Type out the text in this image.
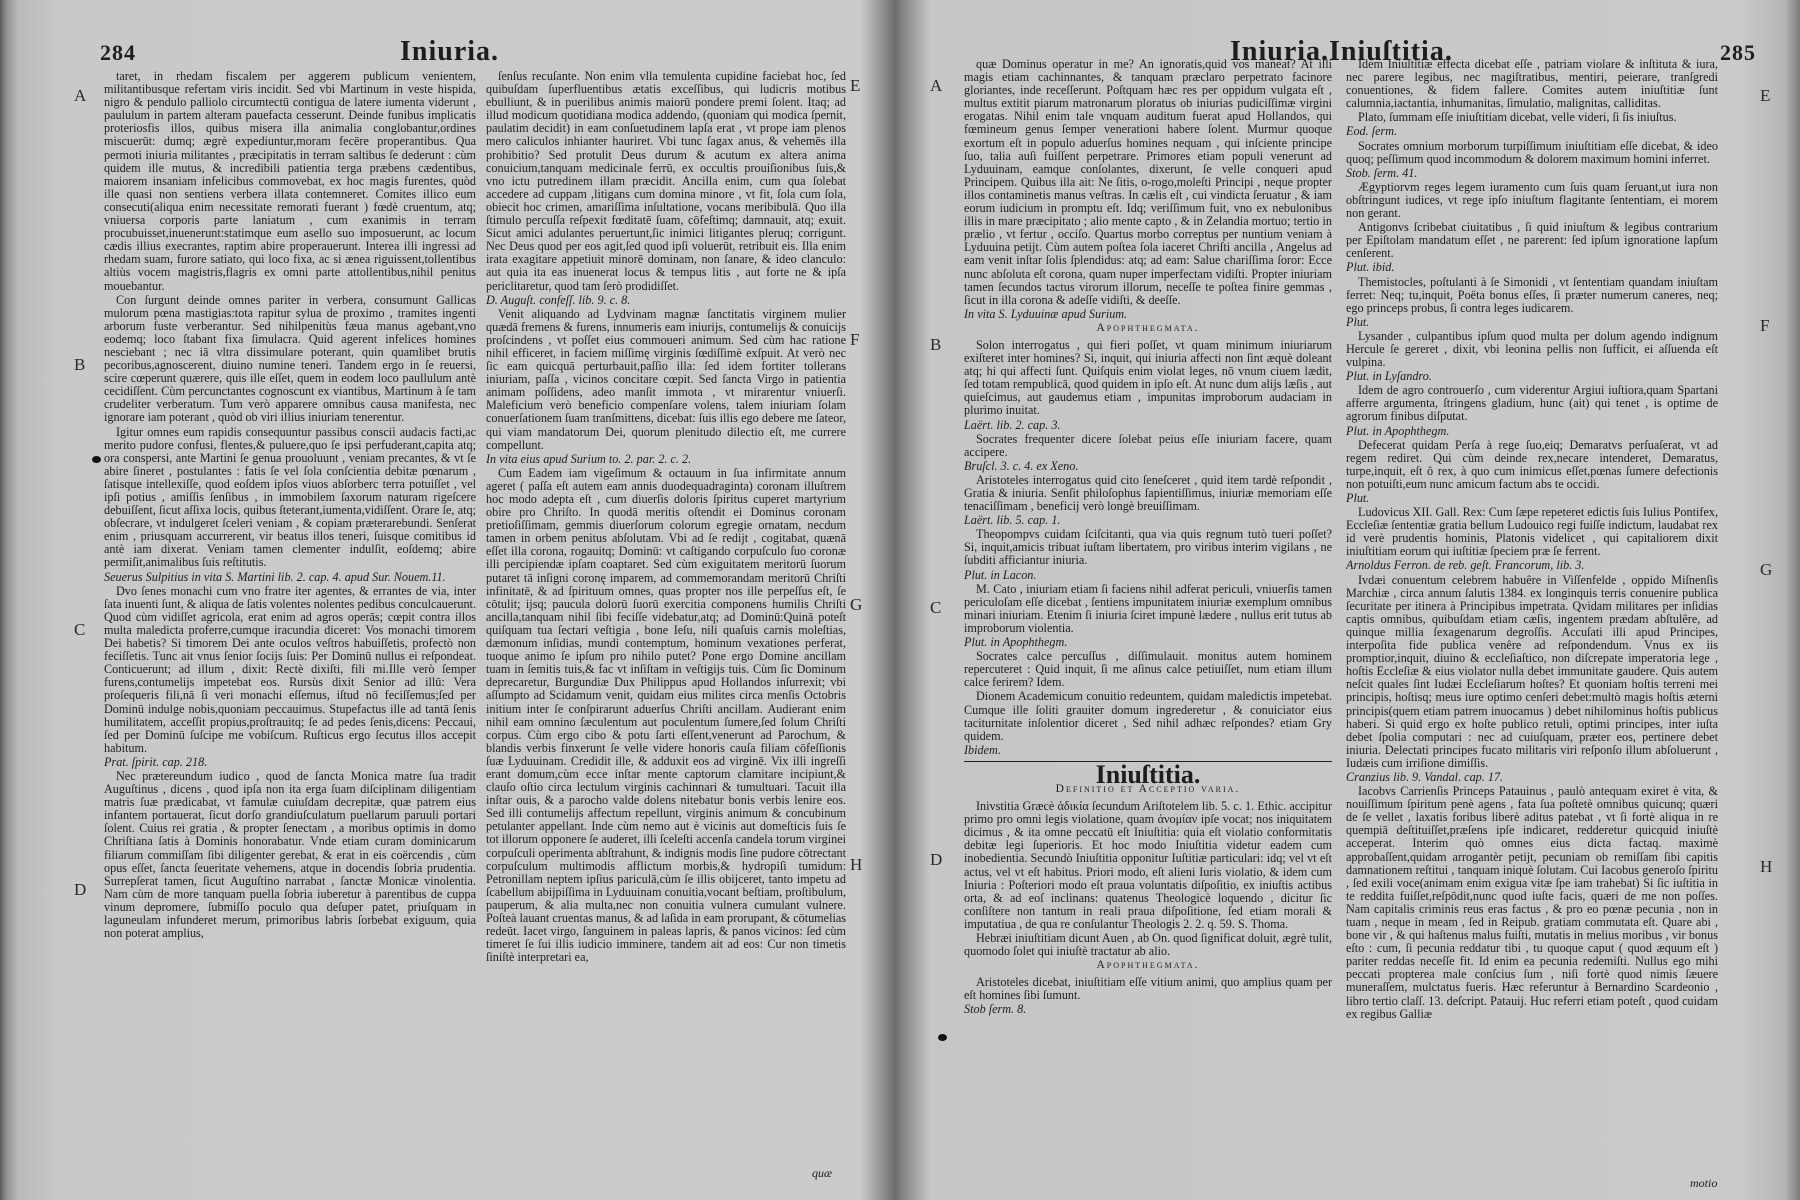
284	Iniuria.
A
B
C
D
E
F
G
H

taret, in rhedam fiscalem per aggerem publicum venientem, militantibusque refertam viris incidit. Sed vbi Martinum in veste hispida, nigro & pendulo palliolo circumtectū contigua de latere iumenta viderunt , paululum in partem alteram pauefacta cesserunt. Deinde funibus implicatis proteriosfis illos, quibus misera illa animalia conglobantur,ordines miscuerūt: dumq; ægrè expediuntur,moram fecēre properantibus. Qua permoti iniuria militantes , præcipitatis in terram saltibus ſe dederunt : cùm quidem ille mutus, & incredibili patientia terga præbens cædentibus, maiorem insaniam infelicibus commovebat, ex hoc magis furentes, quòd ille quasi non sentiens verbera illata contemneret. Comites illico eum consecuti(aliqua enim necessitate remorati fuerant ) fœdè cruentum, atq; vniuersa corporis parte laniatum , cum exanimis in terram procubuisset,inuenerunt:statimque eum asello suo imposuerunt, ac locum cædis illius execrantes, raptim abire properauerunt. Interea illi ingressi ad rhedam suam, furore satiato, qui loco fixa, ac si ænea riguissent,tollentibus altiùs vocem magistris,flagris ex omni parte attollentibus,nihil penitus mouebantur.

Con ſurgunt deinde omnes pariter in verbera, consumunt Gallicas mulorum pœna mastigias:tota rapitur sylua de proximo , tramites ingenti arborum fuste verberantur. Sed nihilpenitùs fæua manus agebant,vno eodemq; loco ſtabant fixa ſimulacra. Quid agerent infelices homines nesciebant ; nec iā vltra dissimulare poterant, quin quamlibet brutis pecoribus,agnoscerent, diuino numine teneri. Tandem ergo in ſe reuersi, scire cœperunt quærere, quis ille eſſet, quem in eodem loco paullulum antè cecidiſſent. Cùm percunctantes cognoscunt ex viantibus, Martinum à ſe tam crudeliter verberatum. Tum verò apparere omnibus causa manifesta, nec ignorare iam poterant , quòd ob viri illius iniuriam tenerentur.

Igitur omnes eum rapidis consequuntur passibus consciì audacis facti,ac merito pudore confusi, flentes,& puluere,quo ſe ipsi perfuderant,capita atq; ora conspersi, ante Martini ſe genua prouoluunt , veniam precantes, & vt ſe abire ſineret , postulantes : fatis ſe vel ſola conſcientia debitæ pœnarum , ſatisque intellexiſſe, quod eoſdem ipſos viuos abſorberc terra potuiſſet , vel ipſi potius , amiſſis ſenſibus , in immobilem ſaxorum naturam rigeſcere debuiſſent, ſicut aſſixa locis, quibus ſteterant,iumenta,vidiſſent. Orare ſe, atq; obſecrare, vt indulgeret ſceleri veniam , & copiam præterarebundi. Senſerat enim , priusquam accurrerent, vir beatus illos teneri, ſuisque comitibus id antè iam dixerat. Veniam tamen clementer indulſit, eoſdemq; abire permiſit,animalibus ſuis reſtitutis.

Seuerus Sulpitius in vita S. Martini lib. 2. cap. 4. apud Sur. Nouem.11.

Dvo ſenes monachi cum vno fratre iter agentes, & errantes de via, inter ſata inuenti ſunt, & aliqua de ſatis volentes nolentes pedibus conculcauerunt. Quod cùm vidiſſet agricola, erat enim ad agros operās; cœpit contra illos multa maledicta proferre,cumque iracundia diceret: Vos monachi timorem Dei habetis? Si timorem Dei ante oculos veſtros habuiſſetis, profectò non feciſſetis. Tunc ait vnus ſenior ſocijs ſuis: Per Dominū nullus ei reſpondeat. Conticuerunt; ad illum , dixit: Rectè dixiſti, fili mi.Ille verò ſemper furens,contumelijs impetebat eos. Rursùs dixit Senior ad illū: Vera proſequeris fili,nā ſi veri monachi eſſemus, iſtud nō feciſſemus;ſed per Dominū indulge nobis,quoniam peccauimus. Stupefactus ille ad tantā ſenis humilitatem, acceſſit propius,proſtrauitq; ſe ad pedes ſenis,dicens: Peccaui, ſed per Dominū ſuſcipe me vobiſcum. Ruſticus ergo ſecutus illos accepit habitum.

Prat. ſpirit. cap. 218.

Nec prætereundum iudico , quod de ſancta Monica matre ſua tradit Auguſtinus , dicens , quod ipſa non ita erga ſuam diſciplinam diligentiam matris ſuæ prædicabat, vt famulæ cuiuſdam decrepitæ, quæ patrem eius infantem portauerat, ſicut dorſo grandiuſculatum puellarum paruuli portari ſolent. Cuius rei gratia , & propter ſenectam , a moribus optimis in domo Chriſtiana ſatis à Dominis honorabatur. Vnde etiam curam dominicarum filiarum commiſſam ſibi diligenter gerebat, & erat in eis coërcendis , cùm opus eſſet, ſancta ſeueritate vehemens, atque in docendis ſobria prudentia. Surrepſerat tamen, ſicut Auguſtino narrabat , ſanctæ Monicæ vinolentia. Nam cùm de more tanquam puella ſobria iuberetur à parentibus de cuppa vinum depromere, ſubmiſſo poculo qua deſuper patet, priuſquam in laguneulam infunderet merum, primoribus labris ſorbebat exiguum, quia non poterat amplius,

ſenſus recuſante. Non enim vlla temulenta cupidine faciebat hoc, ſed quibuſdam ſuperfluentibus ætatis exceſſibus, qui ludicris motibus ebulliunt, & in puerilibus animis maiorū pondere premi ſolent. Itaq; ad illud modicum quotidiana modica addendo, (quoniam qui modica ſpernit, paulatim decidit) in eam conſuetudinem lapſa erat , vt prope iam plenos mero caliculos inhianter hauriret. Vbi tunc ſagax anus, & vehemēs illa prohibitio? Sed protulit Deus durum & acutum ex altera anima conuicium,tanquam medicinale ferrū, ex occultis prouiſionibus ſuis,& vno ictu putredinem illam præcidit. Ancilla enim, cum qua ſolebat accedere ad cuppam ,litigans cum domina minore , vt fit, ſola cum ſola, obiecit hoc crimen, amariſſima inſultatione, vocans meribibulā. Quo illa ſtimulo percuſſa reſpexit fœditatē ſuam, cōfeſtimq; damnauit, atq; exuit. Sicut amici adulantes peruertunt,ſic inimici litigantes pleruq; corrigunt. Nec Deus quod per eos agit,ſed quod ipſi voluerūt, retribuit eis. Illa enim irata exagitare appetiuit minorē dominam, non ſanare, & ideo clanculo: aut quia ita eas inuenerat locus & tempus litis , aut forte ne & ipſa periclitaretur, quod tam ſerò prodidiſſet.

D. Auguſt. confeſſ. lib. 9. c. 8.

Venit aliquando ad Lydvinam magnæ ſanctitatis virginem mulier quædā fremens & furens, innumeris eam iniurijs, contumelijs & conuicijs proſcindens , vt poſſet eius commoueri animum. Sed cùm hac ratione nihil efficeret, in faciem miſſimę virginis ſœdiſſimè exſpuit. At verò nec ſic eam quicquā perturbauit,paſſio illa: ſed idem fortiter tollerans iniuriam, paſſa , vicinos concitare cœpit. Sed ſancta Virgo in patientia animam poſſidens, adeo manſit immota , vt mirarentur vniuerſi. Maleficium verò beneficio compenſare volens, talem iniuriam ſolam conuerſationem ſuam tranſmittens, dicebat: ſuis illis ego debere me ſateor, qui viam mandatorum Dei, quorum plenitudo dilectio eſt, me currere compellunt.

In vita eius apud Surium to. 2. par. 2. c. 2.

Cum Eadem iam vigeſimum & octauum in ſua infirmitate annum ageret ( paſſa eſt autem eam annis duodequadraginta) coronam illuſtrem hoc modo adepta eſt , cum diuerſis doloris ſpiritus cuperet martyrium obire pro Chriſto. In quodā meritis oſtendit ei Dominus coronam pretioſiſſimam, gemmis diuerſorum colorum egregie ornatam, necdum tamen in orbem penitus abſolutam. Vbi ad ſe redijt , cogitabat, quænā eſſet illa corona, rogauitq; Dominū: vt caſtigando corpuſculo ſuo coronæ illi percipiendæ ipſam coaptaret. Sed cùm exiguitatem meritorū ſuorum putaret tā inſigni coronę imparem, ad commemorandam meritorū Chriſti infinitatē, & ad ſpirituum omnes, quas propter nos ille perpeſſus eſt, ſe cōtulit; ijsq; paucula dolorū ſuorū exercitia componens humilis Chriſti ancilla,tanquam nihil ſibi feciſſe videbatur,atq; ad Dominū:Quinā poteſt quiſquam tua ſectari veſtigia , bone Ieſu, nili quaſuis carnis moleſtias, dæmonum inſidias, mundi contemptum, hominum vexationes perferat, tuoque animo ſe ipſum pro nihilo putet? Pone ergo Domine ancillam tuam in ſemitis tuis,& fac vt inſiſtam in veſtigijs tuis. Cùm ſic Dominum deprecaretur, Burgundiæ Dux Philippus apud Hollandos inſurrexit; vbi aſſumpto ad Scidamum venit, quidam eius milites circa menſis Octobris initium inter ſe conſpirarunt aduerſus Chriſti ancillam. Audierant enim nihil eam omnino ſæculentum aut poculentum ſumere,ſed ſolum Chriſti corpus. Cùm ergo cibo & potu ſarti eſſent,venerunt ad Parochum, & blandis verbis finxerunt ſe velle videre honoris cauſa filiam cōfeſſionis ſuæ Lyduuinam. Credidit ille, & adduxit eos ad virginē. Vix illi ingreſſi erant domum,cùm ecce inſtar mente captorum clamitare incipiunt,& clauſo oſtio circa lectulum virginis cachinnari & tumultuari. Tacuit illa inſtar ouis, & a parocho valde dolens nitebatur bonis verbis lenire eos. Sed illi contumelijs affectum repellunt, virginis animum & concubinum petulanter appellant. Inde cùm nemo aut è vicinis aut domeſticis ſuis ſe tot illorum opponere ſe auderet, illi ſceleſti accenſa candela torum virginei corpuſculi operimenta abſtrahunt, & indignis modis ſine pudore cōtrectant corpuſculum multimodis afflictum morbis,& hydropiſi tumidum: Petronillam neptem ipſius pariculā,cùm ſe illis obijceret, tanto impetu ad ſcabellum abijpiſſima in Lyduuinam conuitia,vocant beſtiam, proſtibulum, pauperum, & alia multa,nec non conuitia vulnera cumulant vulnere. Poſteà lauant cruentas manus, & ad laſida in eam prorupant, & cōtumelias redeūt. Iacet virgo, ſanguinem in paleas lapris, & panos vicinos: ſed cùm timeret ſe ſui illis iudicio imminere, tandem ait ad eos: Cur non timetis ſiniſtè interpretari ea,

quæ
Iniuria.Iniuſtitia.	285
A
B
C
D
E
F
G
H

quæ Dominus operatur in me? An ignoratis,quid vos maneat? At illi magis etiam cachinnantes, & tanquam præclaro perpetrato facinore gloriantes, inde receſſerunt. Poſtquam hæc res per oppidum vulgata eſt , multus extitit piarum matronarum ploratus ob iniurias pudiciſſimæ virgini erogatas. Nihil enim tale vnquam auditum fuerat apud Hollandos, qui fœmineum genus ſemper venerationi habere ſolent. Murmur quoque exortum eſt in populo aduerſus homines nequam , qui inſciente principe ſuo, talia auſi fuiſſent perpetrare. Primores etiam populi venerunt ad Lyduuinam, eamque conſolantes, dixerunt, ſe velle conqueri apud Principem. Quibus illa ait: Ne ſitis, o-rogo,moleſti Principi , neque propter illos contaminetis manus veſtras. In cælis eſt , cui vindicta ſeruatur , & iam eorum iudicium in promptu eſt. Idq; veriſſimum fuit, vno ex nebulonibus illis in mare præcipitato ; alio mente capto , & in Zelandia mortuo; tertio in prælio , vt fertur , occiſo. Quartus morbo correptus per nuntium veniam à Lyduuina petijt. Cùm autem poſtea ſola iaceret Chriſti ancilla , Angelus ad eam venit inſtar ſolis ſplendidus: atq; ad eam: Salue chariſſima ſoror: Ecce nunc abſoluta eſt corona, quam nuper imperfectam vidiſti. Propter iniuriam tamen ſecundos tactus virorum illorum, neceſſe te poſtea finire gemmas , ſicut in illa corona & adeſſe vidiſti, & deeſſe.

In vita S. Lyduuinæ apud Surium.

Apophthegmata.

Solon interrogatus , qui fieri poſſet, vt quam minimum iniuriarum exiſteret inter homines? Si, inquit, qui iniuria affecti non ſint æquè doleant atq; hi qui affecti ſunt. Quiſquis enim violat leges, nō vnum ciuem lædit, ſed totam rempublicā, quod quidem in ipſo eſt. At nunc dum alijs læſis , aut quieſcimus, aut gaudemus etiam , impunitas improborum audaciam in plurimo inuitat.

Laërt. lib. 2. cap. 3.

Socrates frequenter dicere ſolebat peius eſſe iniuriam facere, quam accipere.

Bruſcl. 3. c. 4. ex Xeno.

Aristoteles interrogatus quid cito ſeneſceret , quid item tardè reſpondit , Gratia & iniuria. Senſit philoſophus ſapientiſſimus, iniuriæ memoriam eſſe tenaciſſimam , beneficij verò longè breuiſſimam.

Laërt. lib. 5. cap. 1.

Theopompvs cuidam ſciſcitanti, qua via quis regnum tutò tueri poſſet? Si, inquit,amicis tribuat iuſtam libertatem, pro viribus interim vigilans , ne ſubditi afficiantur iniuria.

Plut. in Lacon.

M. Cato , iniuriam etiam ſi faciens nihil adferat periculi, vniuerſis tamen periculoſam eſſe dicebat , ſentiens impunitatem iniuriæ exemplum omnibus minari iniuriam. Etenim ſi iniuria ſciret impunè lædere , nullus erit tutus ab improborum violentia.

Plut. in Apophthegm.

Socrates calce percuſſus , diſſimulauit. monitus autem hominem repercuteret : Quid inquit, ſi me aſinus calce petiuiſſet, num etiam illum calce ferirem? Idem.

Dionem Academicum conuitio redeuntem, quidam maledictis impetebat. Cumque ille ſoliti grauiter domum ingrederetur , & conuiciator eius taciturnitate inſolentior diceret , Sed nihil adhæc reſpondes? etiam Gry quidem.

Ibidem.

Iniuſtitia.
Definitio et Acceptio varia.

Inivstitia Græcè ἀδικία ſecundum Ariſtotelem lib. 5. c. 1. Ethic. accipitur primo pro omni legis violatione, quam ἀνομίαν ipſe vocat; nos iniquitatem dicimus , & ita omne peccatū eſt Iniuſtitia: quia eſt violatio conformitatis debitæ legi ſuperioris. Et hoc modo Iniuſtitia videtur eadem cum inobedientia. Secundò Iniuſtitia opponitur Iuſtitiæ particulari: idq; vel vt eſt actus, vel vt eſt habitus. Priori modo, eſt alieni Iuris violatio, & idem cum Iniuria : Poſteriori modo eſt praua voluntatis diſpoſitio, ex iniuſtis actibus orta, & ad eoſ inclinans: quatenus Theologicè loquendo , dicitur ſic conſiſtere non tantum in reali praua diſpoſitione, ſed etiam morali & imputatiua , de qua re conſulantur Theologis 2. 2. q. 59. S. Thoma.

Hebræi iniuſtitiam dicunt Auen , ab On. quod ſignificat doluit, ægrè tulit, quomodo ſolet qui iniuſtè tractatur ab alio.

Apophthegmata.

Aristoteles dicebat, iniuſtitiam eſſe vitium animi, quo amplius quam per eſt homines ſibi ſumunt.

Stob ſerm. 8.

Idem Iniuſtitiæ effecta dicebat eſſe , patriam violare & inſtituta & iura, nec parere legibus, nec magiſtratibus, mentiri, peierare, tranſgredi conuentiones, & fidem fallere. Comites autem iniuſtitiæ ſunt calumnia,iactantia, inhumanitas, ſimulatio, malignitas, calliditas.

Plato, ſummam eſſe iniuſtitiam dicebat, velle videri, ſi ſis iniuſtus.

Eod. ſerm.

Socrates omnium morborum turpiſſimum iniuſtitiam eſſe dicebat, & ideo quoq; peſſimum quod incommodum & dolorem maximum homini inferret.

Stob. ſerm. 41.

Ægyptiorvm reges legem iuramento cum ſuis quam ſeruant,ut iura non obſtringunt iudices, vt rege ipſo iniuſtum flagitante ſententiam, ei morem non gerant.

Antigonvs ſcribebat ciuitatibus , ſi quid iniuſtum & legibus contrarium per Epiſtolam mandatum eſſet , ne parerent: ſed ipſum ignoratione lapſum cenſerent.

Plut. ibid.

Themistocles, poſtulanti à ſe Simonidi , vt ſententiam quandam iniuſtam ferret: Neq; tu,inquit, Poëta bonus eſſes, ſi præter numerum caneres, neq; ego princeps probus, ſi contra leges iudicarem.

Plut.

Lysander , culpantibus ipſum quod multa per dolum agendo indignum Hercule ſe gereret , dixit, vbi leonina pellis non ſufficit, ei aſſuenda eſt vulpina.

Plut. in Lyſandro.

Idem de agro controuerſo , cum viderentur Argiui iuſtiora,quam Spartani afferre argumenta, ſtringens gladium, hunc (ait) qui tenet , is optime de agrorum finibus diſputat.

Plut. in Apophthegm.

Defecerat quidam Perſa à rege ſuo,eiq; Demaratvs perſuaſerat, vt ad regem rediret. Qui cùm deinde rex,necare intenderet, Demaratus, turpe,inquit, eſt ô rex, à quo cum inimicus eſſet,pœnas ſumere defectionis non potuiſti,eum nunc amicum factum abs te occidi.

Plut.

Ludovicus XII. Gall. Rex: Cum ſæpe repeteret edictis ſuis Iulius Pontifex, Eccleſiæ ſententiæ gratia bellum Ludouico regi fuiſſe indictum, laudabat rex id verè prudentis hominis, Platonis videlicet , qui capitaliorem dixit iniuſtitiam eorum qui iuſtitiæ ſpeciem præ ſe ferrent.

Arnoldus Ferron. de reb. geſt. Francorum, lib. 3.

Ivdæi conuentum celebrem habuêre in Viſſenfelde , oppido Miſnenſis Marchiæ , circa annum ſalutis 1384. ex longinquis terris conuenire publica ſecuritate per itinera à Principibus impetrata. Qvidam militares per inſidias captis omnibus, quibuſdam etiam cæſis, ingentem prædam abſtulêre, ad quinque millia ſexagenarum degroſſis. Accuſati illi apud Principes, interpoſita fide publica venêre ad reſpondendum. Vnus ex iis promptior,inquit, diuino & eccleſiaſtico, non diſcrepate imperatoria lege , hoſtis Eccleſiæ & eius violator nulla debet immunitate gaudere. Quis autem neſcit quales ſint Iudæi Eccleſiarum hoſtes? Et quoniam hoſtis terreni mei principis, hoſtisq; meus iure optimo cenſeri debet:multò magis hoſtis æterni principis(quem etiam patrem inuocamus ) debet nihilominus hoſtis publicus haberi. Si quid ergo ex hoſte publico retuli, optimi principes, inter iuſta debet ſpolia computari : nec ad cuiuſquam, præter eos, pertinere debet iniuria. Delectati principes fucato militaris viri reſponſo illum abſoluerunt , Iudæis cum irriſione dimiſſis.

Cranzius lib. 9. Vandal. cap. 17.

Iacobvs Carrienſis Princeps Patauinus , paulò antequam exiret è vita, & nouiſſimum ſpiritum penè agens , fata ſua poſtetè omnibus quicunq; quæri de ſe vellet , laxatis foribus liberè aditus patebat , vt ſi fortè aliqua in re quempiā deſtituiſſet,præſens ipſe indicaret, redderetur quicquid iniuſtè acceperat. Interim quò omnes eius dicta factaq. maximè approbaſſent,quidam arrogantèr petijt, pecuniam ob remiſſam ſibi capitis damnationem reſtitui , tanquam iniquè ſolutam. Cui Iacobus generoſo ſpiritu , ſed exili voce(animam enim exigua vitæ ſpe iam trahebat) Si ſic iuſtitia in te reddita fuiſſet,reſpōdit,nunc quod iuſte facis, quæri de me non poſſes. Nam capitalis criminis reus eras factus , & pro eo pœnæ pecunia , non in tuam , neque in meam , ſed in Reipub. gratiam commutata eſt. Quare abi , bone vir , & qui haſtenus malus fuiſti, mutatis in melius moribus , vir bonus eſto : cum, ſi pecunia reddatur tibi , tu quoque caput ( quod æquum eſt ) pariter reddas neceſſe fit. Id enim ea pecunia redemiſti. Nullus ego mihi peccati propterea male conſcius ſum , niſi fortè quod nimis ſæuere muneraſſem, mulctatus fueris. Hæc referuntur à Bernardino Scardeonio , libro tertio claſſ. 13. deſcript. Patauij. Huc referri etiam poteſt , quod cuidam ex regibus Galliæ

motio
